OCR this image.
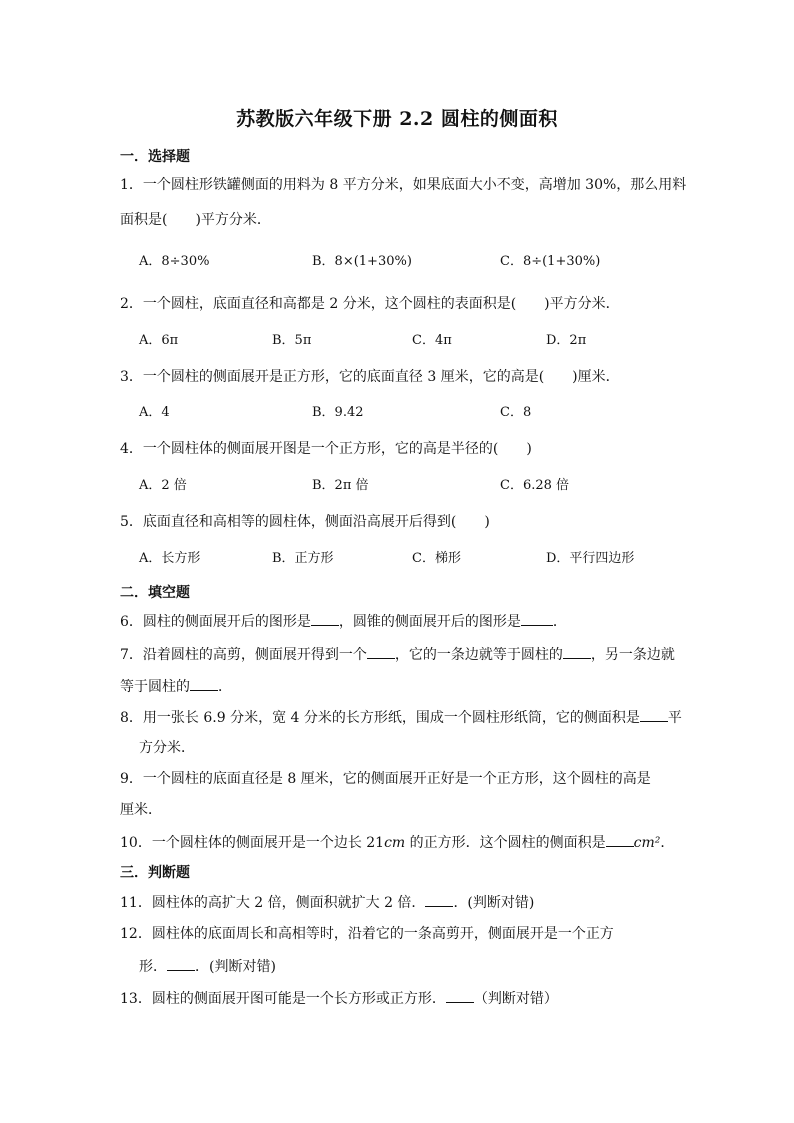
苏教版六年级下册 2.2 圆柱的侧面积
一．选择题
1．一个圆柱形铁罐侧面的用料为 8 平方分米，如果底面大小不变，高增加 30%，那么用料
面积是(　　)平方分米．
A．8÷30%	B．8×(1+30%)	C．8÷(1+30%)
2．一个圆柱，底面直径和高都是 2 分米，这个圆柱的表面积是(　　)平方分米．
A．6π	B．5π	C．4π	D．2π
3．一个圆柱的侧面展开是正方形，它的底面直径 3 厘米，它的高是(　　)厘米．
A．4	B．9.42	C．8
4．一个圆柱体的侧面展开图是一个正方形，它的高是半径的(　　)
A．2 倍	B．2π 倍	C．6.28 倍
5．底面直径和高相等的圆柱体，侧面沿高展开后得到(　　)
A．长方形	B．正方形	C．梯形	D．平行四边形
二．填空题
6．圆柱的侧面展开后的图形是 ，圆锥的侧面展开后的图形是 ．
7．沿着圆柱的高剪，侧面展开得到一个 ，它的一条边就等于圆柱的 ，另一条边就
等于圆柱的 ．
8．用一张长 6.9 分米，宽 4 分米的长方形纸，围成一个圆柱形纸筒，它的侧面积是 平
方分米．
9．一个圆柱的底面直径是 8 厘米，它的侧面展开正好是一个正方形，这个圆柱的高是
厘米．
10．一个圆柱体的侧面展开是一个边长 21cm 的正方形．这个圆柱的侧面积是 cm²．
三．判断题
11．圆柱体的高扩大 2 倍，侧面积就扩大 2 倍． ．(判断对错)
12．圆柱体的底面周长和高相等时，沿着它的一条高剪开，侧面展开是一个正方
形． ．(判断对错)
13．圆柱的侧面展开图可能是一个长方形或正方形． （判断对错）
